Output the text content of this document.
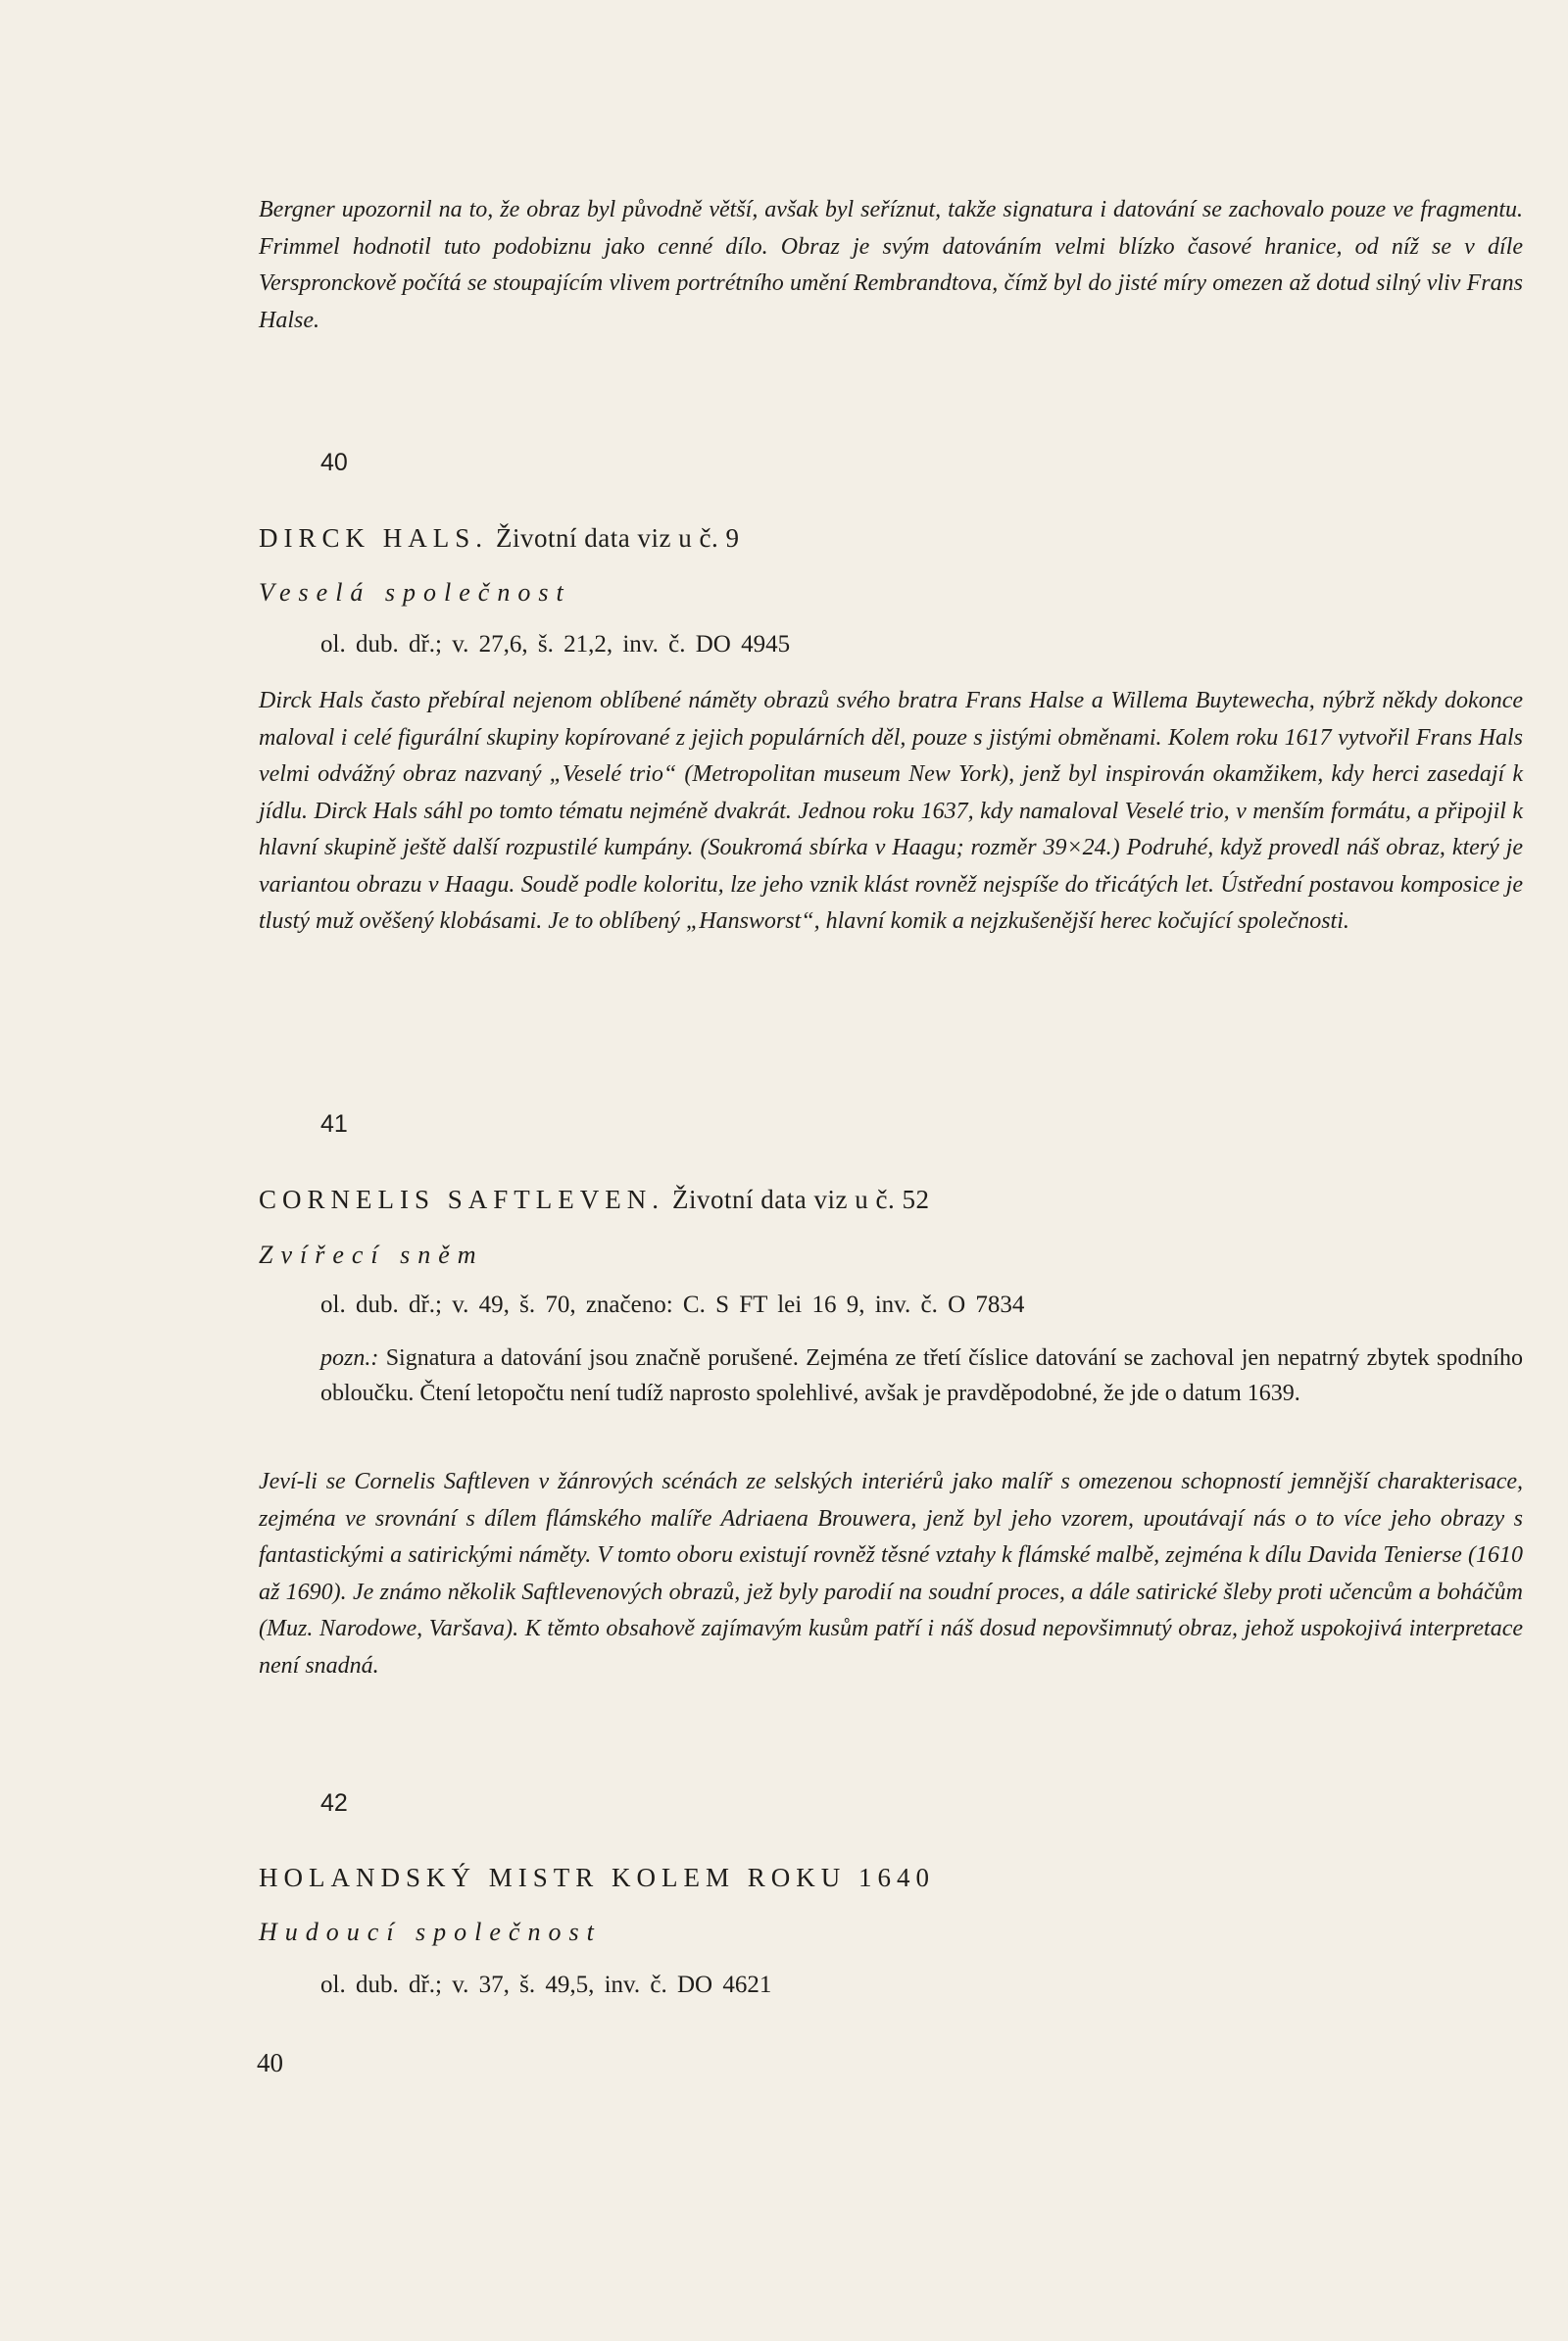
Bergner upozornil na to, že obraz byl původně větší, avšak byl seříznut, takže signatura i datování se zachovalo pouze ve fragmentu. Frimmel hodnotil tuto podobiznu jako cenné dílo. Obraz je svým datováním velmi blízko časové hranice, od níž se v díle Verspronckově počítá se stoupajícím vlivem portrétního umění Rembrandtova, čímž byl do jisté míry omezen až dotud silný vliv Frans Halse.

40

DIRCK HALS. Životní data viz u č. 9

Veselá společnost

ol. dub. dř.; v. 27,6, š. 21,2, inv. č. DO 4945

Dirck Hals často přebíral nejenom oblíbené náměty obrazů svého bratra Frans Halse a Willema Buytewecha, nýbrž někdy dokonce maloval i celé figurální skupiny kopírované z jejich populárních děl, pouze s jistými obměnami. Kolem roku 1617 vytvořil Frans Hals velmi odvážný obraz nazvaný „Veselé trio“ (Metropolitan museum New York), jenž byl inspirován okamžikem, kdy herci zasedají k jídlu. Dirck Hals sáhl po tomto tématu nejméně dvakrát. Jednou roku 1637, kdy namaloval Veselé trio, v menším formátu, a připojil k hlavní skupině ještě další rozpustilé kumpány. (Soukromá sbírka v Haagu; rozměr 39×24.) Podruhé, když provedl náš obraz, který je variantou obrazu v Haagu. Soudě podle koloritu, lze jeho vznik klást rovněž nejspíše do třicátých let. Ústřední postavou komposice je tlustý muž ověšený klobásami. Je to oblíbený „Hansworst“, hlavní komik a nejzkušenější herec kočující společnosti.

41

CORNELIS SAFTLEVEN. Životní data viz u č. 52

Zvířecí sněm

ol. dub. dř.; v. 49, š. 70, značeno: C. S FT lei 16 9, inv. č. O 7834

pozn.: Signatura a datování jsou značně porušené. Zejména ze třetí číslice datování se zachoval jen nepatrný zbytek spodního obloučku. Čtení letopočtu není tudíž naprosto spolehlivé, avšak je pravděpodobné, že jde o datum 1639.

Jeví-li se Cornelis Saftleven v žánrových scénách ze selských interiérů jako malíř s omezenou schopností jemnější charakterisace, zejména ve srovnání s dílem flámského malíře Adriaena Brouwera, jenž byl jeho vzorem, upoutávají nás o to více jeho obrazy s fantastickými a satirickými náměty. V tomto oboru existují rovněž těsné vztahy k flámské malbě, zejména k dílu Davida Tenierse (1610 až 1690). Je známo několik Saftlevenových obrazů, jež byly parodií na soudní proces, a dále satirické šleby proti učencům a boháčům (Muz. Narodowe, Varšava). K těmto obsahově zajímavým kusům patří i náš dosud nepovšimnutý obraz, jehož uspokojivá interpretace není snadná.

42

HOLANDSKÝ MISTR KOLEM ROKU 1640

Hudoucí společnost

ol. dub. dř.; v. 37, š. 49,5, inv. č. DO 4621

40
